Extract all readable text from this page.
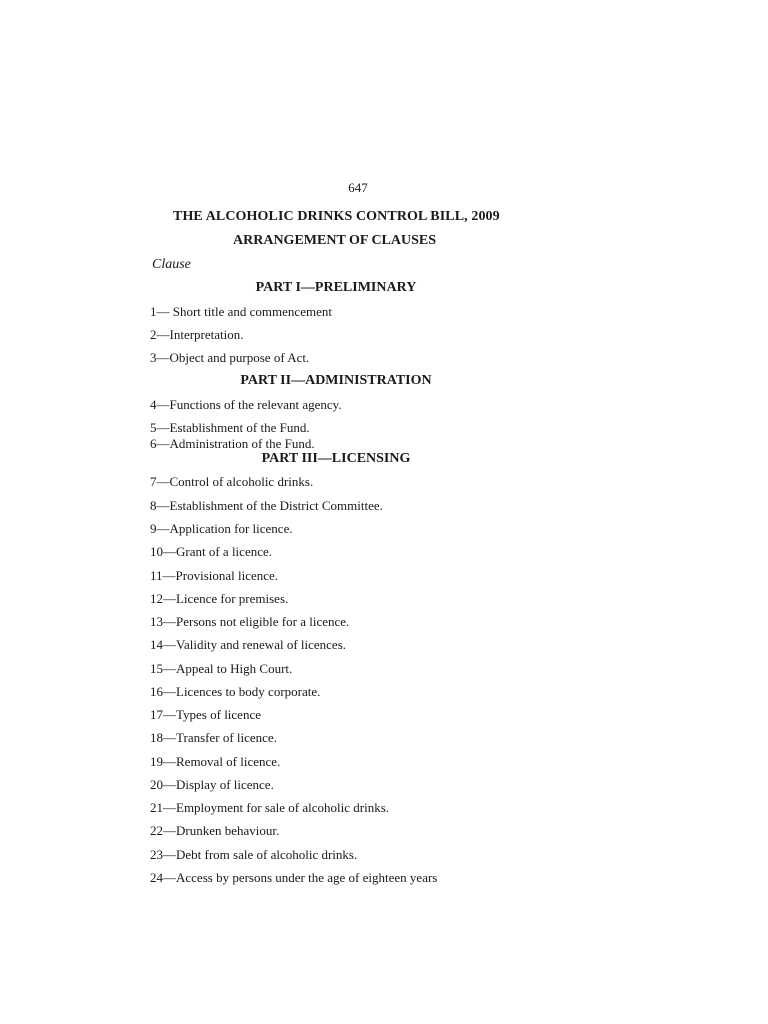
647
THE ALCOHOLIC DRINKS CONTROL BILL, 2009
ARRANGEMENT OF CLAUSES
Clause
PART I—PRELIMINARY
1— Short title and commencement
2—Interpretation.
3—Object and purpose of Act.
PART II—ADMINISTRATION
4—Functions of the relevant agency.
5—Establishment of the Fund.
6—Administration of the Fund.
PART III—LICENSING
7—Control of alcoholic drinks.
8—Establishment of the District Committee.
9—Application for licence.
10—Grant of a licence.
11—Provisional licence.
12—Licence for premises.
13—Persons not eligible for a licence.
14—Validity and renewal of licences.
15—Appeal to High Court.
16—Licences to body corporate.
17—Types of licence
18—Transfer of licence.
19—Removal of licence.
20—Display of licence.
21—Employment for sale of alcoholic drinks.
22—Drunken behaviour.
23—Debt from sale of alcoholic drinks.
24—Access by persons under the age of eighteen years
